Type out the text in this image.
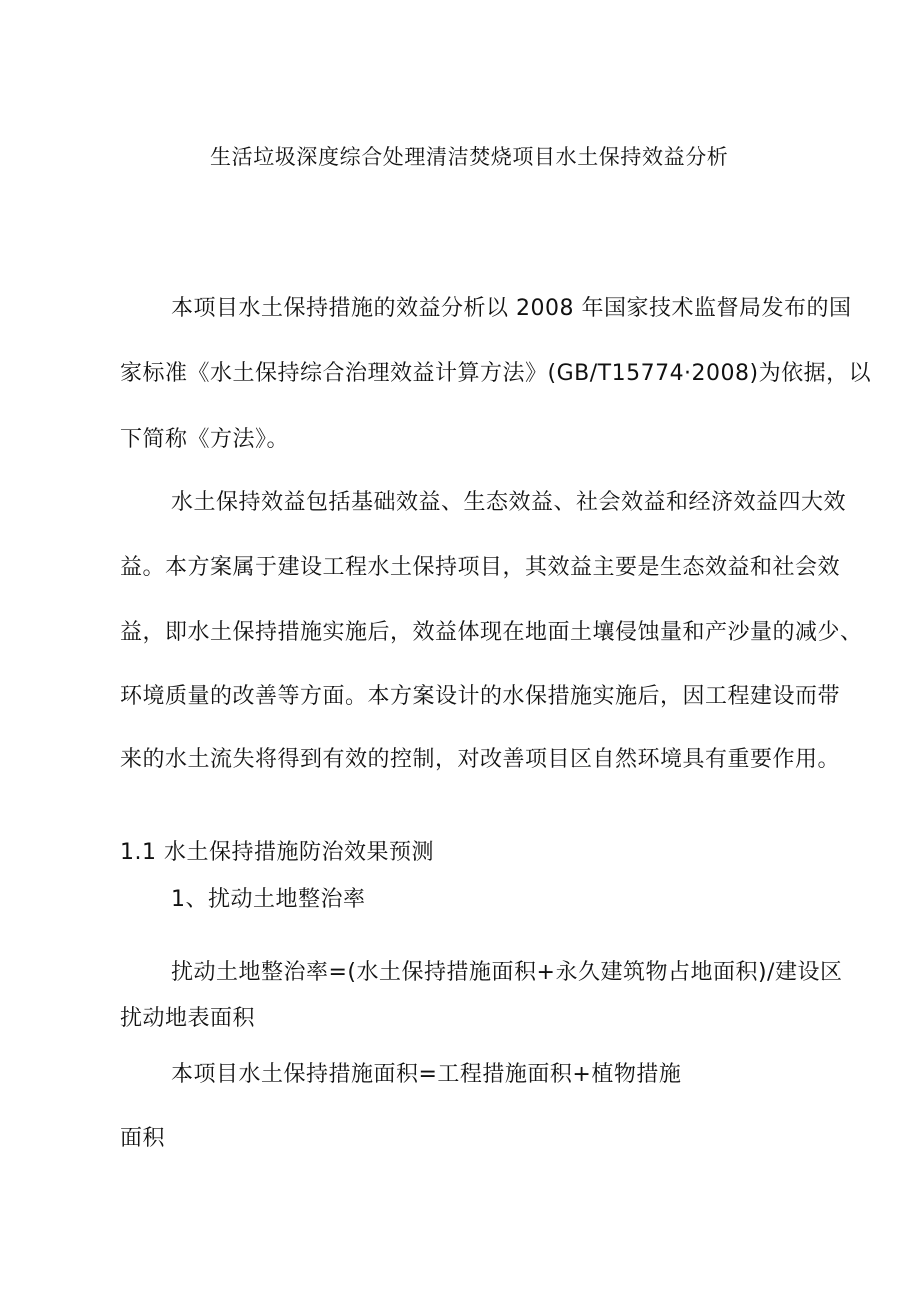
生活垃圾深度综合处理清洁焚烧项目水土保持效益分析
本项目水土保持措施的效益分析以 2008 年国家技术监督局发布的国
家标准《水土保持综合治理效益计算方法》(GB/T15774·2008)为依据，以
下简称《方法》。
水土保持效益包括基础效益、生态效益、社会效益和经济效益四大效
益。本方案属于建设工程水土保持项目，其效益主要是生态效益和社会效
益，即水土保持措施实施后，效益体现在地面土壤侵蚀量和产沙量的减少、
环境质量的改善等方面。本方案设计的水保措施实施后，因工程建设而带
来的水土流失将得到有效的控制，对改善项目区自然环境具有重要作用。
1.1 水土保持措施防治效果预测
1、扰动土地整治率
扰动土地整治率=(水土保持措施面积+永久建筑物占地面积)/建设区
扰动地表面积
本项目水土保持措施面积=工程措施面积+植物措施
面积
